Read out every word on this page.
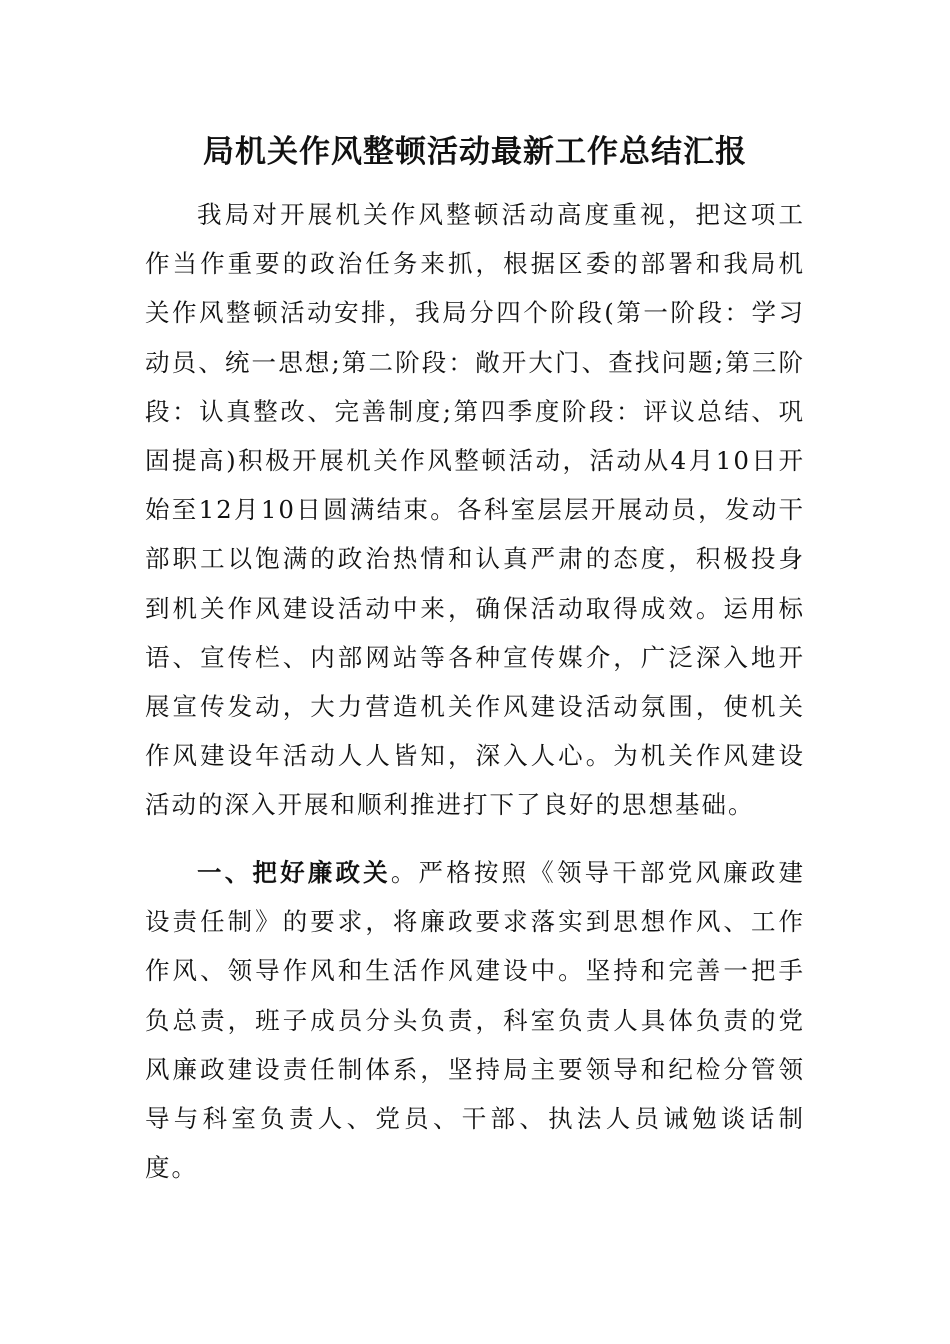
局机关作风整顿活动最新工作总结汇报

我局对开展机关作风整顿活动高度重视，把这项工作当作重要的政治任务来抓，根据区委的部署和我局机关作风整顿活动安排，我局分四个阶段(第一阶段：学习动员、统一思想;第二阶段：敞开大门、查找问题;第三阶段：认真整改、完善制度;第四季度阶段：评议总结、巩固提高)积极开展机关作风整顿活动，活动从4月10日开始至12月10日圆满结束。各科室层层开展动员，发动干部职工以饱满的政治热情和认真严肃的态度，积极投身到机关作风建设活动中来，确保活动取得成效。运用标语、宣传栏、内部网站等各种宣传媒介，广泛深入地开展宣传发动，大力营造机关作风建设活动氛围，使机关作风建设年活动人人皆知，深入人心。为机关作风建设活动的深入开展和顺利推进打下了良好的思想基础。

一、把好廉政关。严格按照《领导干部党风廉政建设责任制》的要求，将廉政要求落实到思想作风、工作作风、领导作风和生活作风建设中。坚持和完善一把手负总责，班子成员分头负责，科室负责人具体负责的党风廉政建设责任制体系，坚持局主要领导和纪检分管领导与科室负责人、党员、干部、执法人员诫勉谈话制度。
